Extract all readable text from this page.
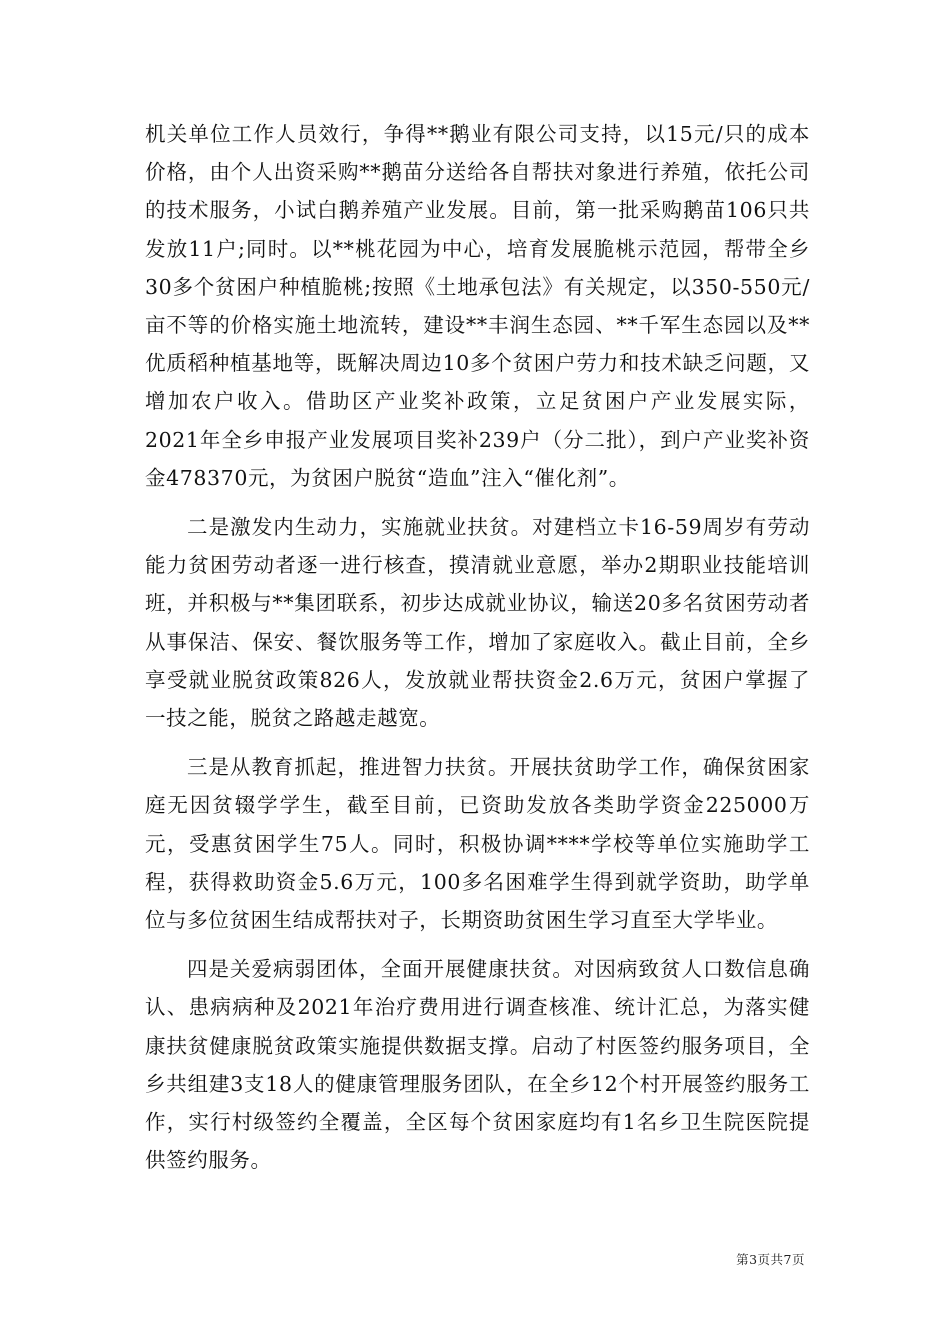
机关单位工作人员效行，争得**鹅业有限公司支持，以15元/只的成本价格，由个人出资采购**鹅苗分送给各自帮扶对象进行养殖，依托公司的技术服务，小试白鹅养殖产业发展。目前，第一批采购鹅苗106只共发放11户;同时。以**桃花园为中心，培育发展脆桃示范园，帮带全乡30多个贫困户种植脆桃;按照《土地承包法》有关规定，以350-550元/亩不等的价格实施土地流转，建设**丰润生态园、**千军生态园以及**优质稻种植基地等，既解决周边10多个贫困户劳力和技术缺乏问题，又增加农户收入。借助区产业奖补政策，立足贫困户产业发展实际，2021年全乡申报产业发展项目奖补239户（分二批），到户产业奖补资金478370元，为贫困户脱贫“造血”注入“催化剂”。

二是激发内生动力，实施就业扶贫。对建档立卡16-59周岁有劳动能力贫困劳动者逐一进行核查，摸清就业意愿，举办2期职业技能培训班，并积极与**集团联系，初步达成就业协议，输送20多名贫困劳动者从事保洁、保安、餐饮服务等工作，增加了家庭收入。截止目前，全乡享受就业脱贫政策826人，发放就业帮扶资金2.6万元，贫困户掌握了一技之能，脱贫之路越走越宽。

三是从教育抓起，推进智力扶贫。开展扶贫助学工作，确保贫困家庭无因贫辍学学生，截至目前，已资助发放各类助学资金225000万元，受惠贫困学生75人。同时，积极协调****学校等单位实施助学工程，获得救助资金5.6万元，100多名困难学生得到就学资助，助学单位与多位贫困生结成帮扶对子，长期资助贫困生学习直至大学毕业。

四是关爱病弱团体，全面开展健康扶贫。对因病致贫人口数信息确认、患病病种及2021年治疗费用进行调查核准、统计汇总，为落实健康扶贫健康脱贫政策实施提供数据支撑。启动了村医签约服务项目，全乡共组建3支18人的健康管理服务团队，在全乡12个村开展签约服务工作，实行村级签约全覆盖，全区每个贫困家庭均有1名乡卫生院医院提供签约服务。

第3页共7页
